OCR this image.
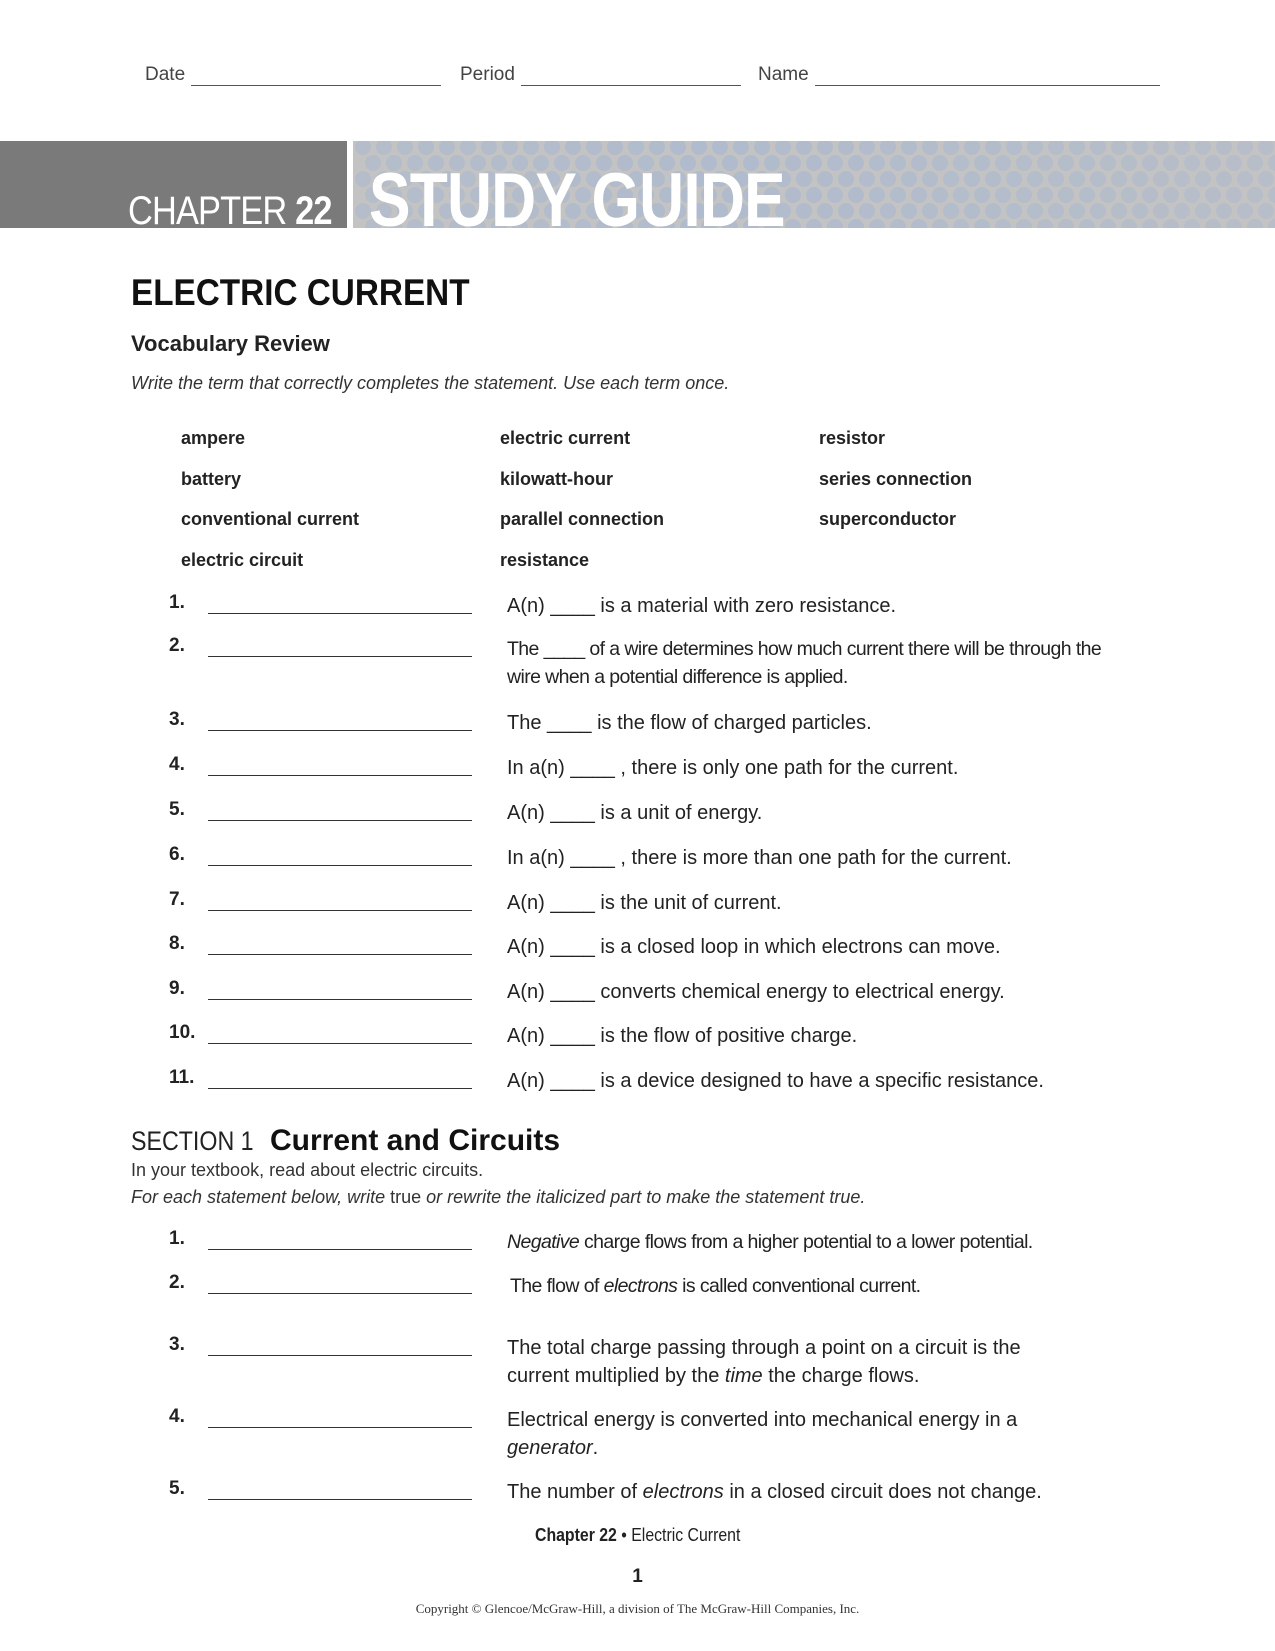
Date	Period	Name
CHAPTER 22 STUDY GUIDE
ELECTRIC CURRENT
Vocabulary Review
Write the term that correctly completes the statement. Use each term once.
ampere	electric current	resistor
battery	kilowatt-hour	series connection
conventional current	parallel connection	superconductor
electric circuit	resistance
1.	A(n) ____ is a material with zero resistance.
2.	The ____ of a wire determines how much current there will be through the wire when a potential difference is applied.
3.	The ____ is the flow of charged particles.
4.	In a(n) ____ , there is only one path for the current.
5.	A(n) ____ is a unit of energy.
6.	In a(n) ____ , there is more than one path for the current.
7.	A(n) ____ is the unit of current.
8.	A(n) ____ is a closed loop in which electrons can move.
9.	A(n) ____ converts chemical energy to electrical energy.
10.	A(n) ____ is the flow of positive charge.
11.	A(n) ____ is a device designed to have a specific resistance.
SECTION 1 Current and Circuits
In your textbook, read about electric circuits.
For each statement below, write true or rewrite the italicized part to make the statement true.
1.	Negative charge flows from a higher potential to a lower potential.
2.	The flow of electrons is called conventional current.
3.	The total charge passing through a point on a circuit is the current multiplied by the time the charge flows.
4.	Electrical energy is converted into mechanical energy in a generator.
5.	The number of electrons in a closed circuit does not change.
Chapter 22 • Electric Current
1
Copyright © Glencoe/McGraw-Hill, a division of The McGraw-Hill Companies, Inc.
